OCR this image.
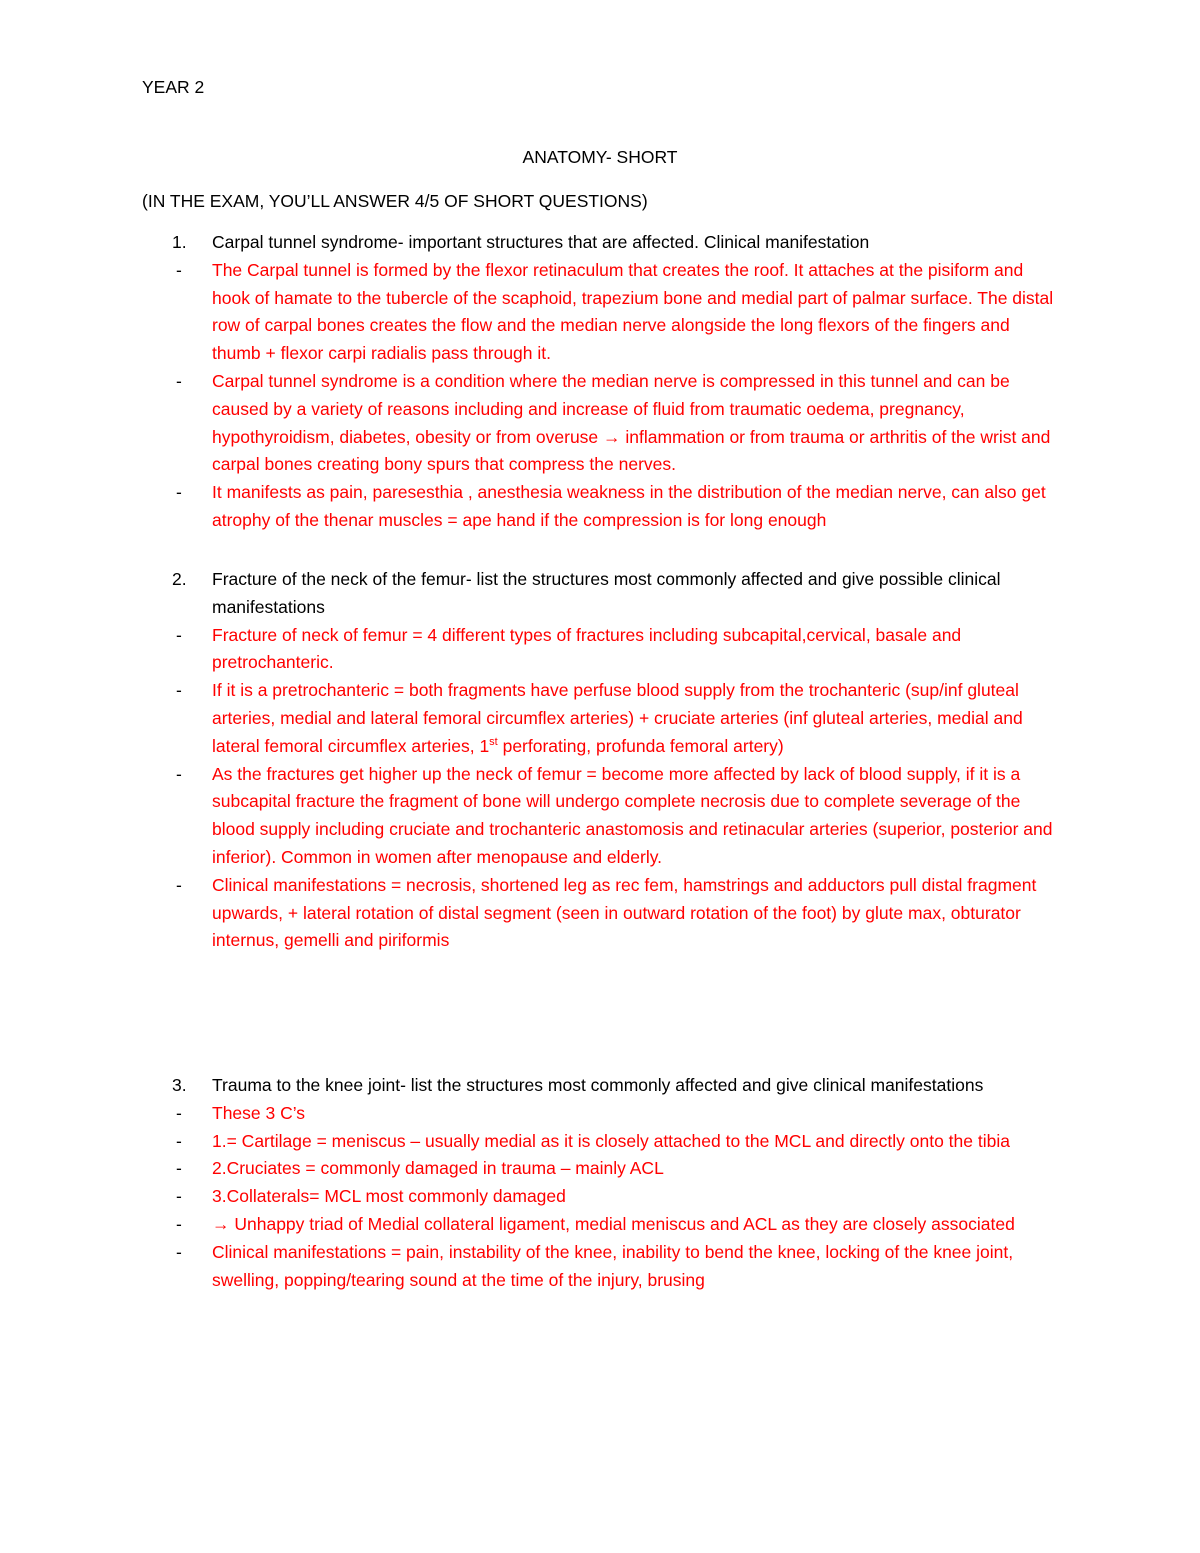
YEAR 2
ANATOMY- SHORT
(IN THE EXAM, YOU’LL ANSWER 4/5 OF SHORT QUESTIONS)
1.	Carpal tunnel syndrome- important structures that are affected. Clinical manifestation
-	The Carpal tunnel is formed by the flexor retinaculum that creates the roof. It attaches at the pisiform and hook of hamate to the tubercle of the scaphoid, trapezium bone and medial part of palmar surface. The distal row of carpal bones creates the flow and the median nerve alongside the long flexors of the fingers and thumb + flexor carpi radialis pass through it.
-	Carpal tunnel syndrome is a condition where the median nerve is compressed in this tunnel and can be caused by a variety of reasons including and increase of fluid from traumatic oedema, pregnancy, hypothyroidism, diabetes, obesity or from overuse → inflammation or from trauma or arthritis of the wrist and carpal bones creating bony spurs that compress the nerves.
-	It manifests as pain, paresesthia , anesthesia weakness in the distribution of the median nerve, can also get atrophy of the thenar muscles = ape hand if the compression is for long enough
2.	Fracture of the neck of the femur- list the structures most commonly affected and give possible clinical manifestations
-	Fracture of neck of femur = 4 different types of fractures including subcapital,cervical, basale and pretrochanteric.
-	If it is a pretrochanteric = both fragments have perfuse blood supply from the trochanteric (sup/inf gluteal arteries, medial and lateral femoral circumflex arteries) + cruciate arteries (inf gluteal arteries, medial and lateral femoral circumflex arteries, 1st perforating, profunda femoral artery)
-	As the fractures get higher up the neck of femur = become more affected by lack of blood supply, if it is a subcapital fracture the fragment of bone will undergo complete necrosis due to complete severage of the blood supply including cruciate and trochanteric anastomosis and retinacular arteries (superior, posterior and inferior). Common in women after menopause and elderly.
-	Clinical manifestations = necrosis, shortened leg as rec fem, hamstrings and adductors pull distal fragment upwards, + lateral rotation of distal segment (seen in outward rotation of the foot) by glute max, obturator internus, gemelli and piriformis
3.	Trauma to the knee joint- list the structures most commonly affected and give clinical manifestations
-	These 3 C’s
-	1.= Cartilage = meniscus – usually medial as it is closely attached to the MCL and directly onto the tibia
-	2.Cruciates = commonly damaged in trauma – mainly ACL
-	3.Collaterals= MCL most commonly damaged
-	→ Unhappy triad of Medial collateral ligament, medial meniscus and ACL as they are closely associated
-	Clinical manifestations = pain, instability of the knee, inability to bend the knee, locking of the knee joint, swelling, popping/tearing sound at the time of the injury, brusing
